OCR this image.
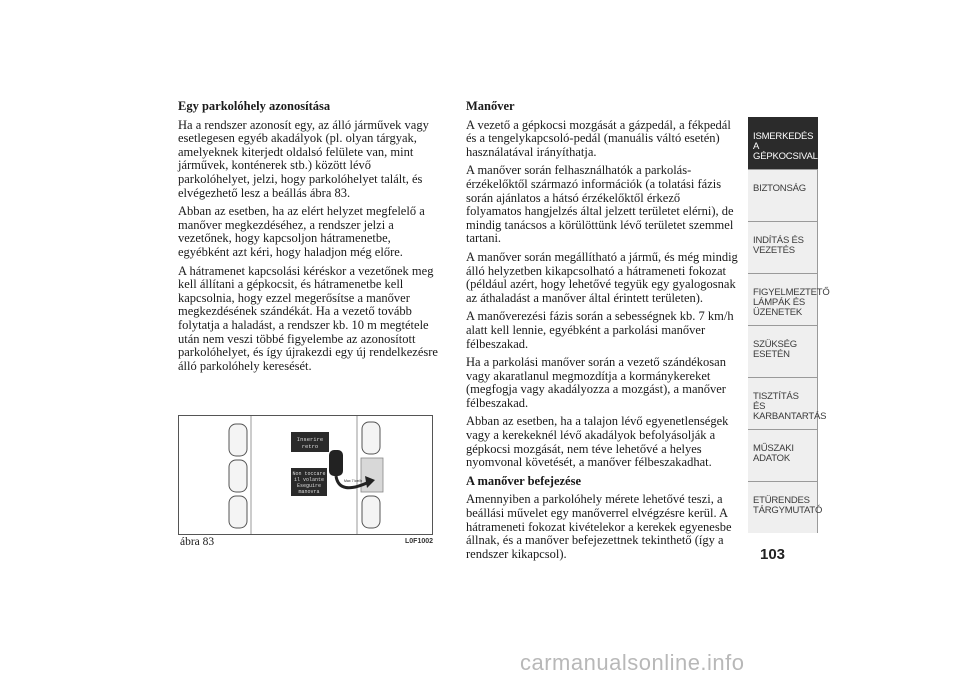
Egy parkolóhely azonosítása

Ha a rendszer azonosít egy, az álló járművek vagy esetlegesen egyéb akadályok (pl. olyan tárgyak, amelyeknek kiterjedt oldalsó felülete van, mint járművek, konténerek stb.) között lévő parkolóhelyet, jelzi, hogy parkolóhelyet talált, és elvégezhető lesz a beállás ábra 83.

Abban az esetben, ha az elért helyzet megfelelő a manőver megkezdéséhez, a rendszer jelzi a vezetőnek, hogy kapcsoljon hátramenetbe, egyébként azt kéri, hogy haladjon még előre.

A hátramenet kapcsolási kéréskor a vezetőnek meg kell állítani a gépkocsit, és hátramenetbe kell kapcsolnia, hogy ezzel megerősítse a manőver megkezdésének szándékát. Ha a vezető tovább folytatja a haladást, a rendszer kb. 10 m megtétele után nem veszi többé figyelembe az azonosított parkolóhelyet, és így újrakezdi egy új rendelkezésre álló parkolóhely keresését.

Inserire
retro
Non toccare
il volante
Eseguire
manovra
Max 7 km/h
ábra 83	L0F1002
Manőver

A vezető a gépkocsi mozgását a gázpedál, a fékpedál és a tengelykapcsoló-pedál (manuális váltó esetén) használatával irányíthatja.

A manőver során felhasználhatók a parkolás-érzékelőktől származó információk (a tolatási fázis során ajánlatos a hátsó érzékelőktől érkező folyamatos hangjelzés által jelzett területet elérni), de mindig tanácsos a körülöttünk lévő területet szemmel tartani.

A manőver során megállítható a jármű, és még mindig álló helyzetben kikapcsolható a hátrameneti fokozat (például azért, hogy lehetővé tegyük egy gyalogosnak az áthaladást a manőver által érintett területen).

A manőverezési fázis során a sebességnek kb. 7 km/h alatt kell lennie, egyébként a parkolási manőver félbeszakad.

Ha a parkolási manőver során a vezető szándékosan vagy akaratlanul megmozdítja a kormánykereket (megfogja vagy akadályozza a mozgást), a manőver félbeszakad.

Abban az esetben, ha a talajon lévő egyenetlenségek vagy a kerekeknél lévő akadályok befolyásolják a gépkocsi mozgását, nem téve lehetővé a helyes nyomvonal követését, a manőver félbeszakadhat.

A manőver befejezése

Amennyiben a parkolóhely mérete lehetővé teszi, a beállási művelet egy manőverrel elvégzésre kerül. A hátrameneti fokozat kivételekor a kerekek egyenesbe állnak, és a manőver befejezettnek tekinthető (így a rendszer kikapcsol).

ISMERKEDÉS A GÉPKOCSIVAL
BIZTONSÁG
INDÍTÁS ÉS VEZETÉS
FIGYELMEZTETŐ LÁMPÁK ÉS ÜZENETEK
SZÜKSÉG ESETÉN
TISZTÍTÁS ÉS KARBANTARTÁS
MŰSZAKI ADATOK
ETÜRENDES TÁRGYMUTATÓ
103
carmanualsonline.info
